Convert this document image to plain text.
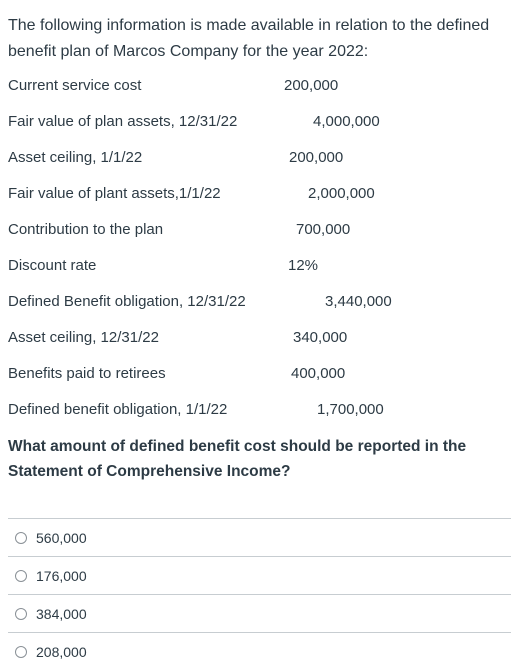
The following information is made available in relation to the defined benefit plan of Marcos Company for the year 2022:
Current service cost	200,000
Fair value of plan assets, 12/31/22	4,000,000
Asset ceiling, 1/1/22	200,000
Fair value of plant assets,1/1/22	2,000,000
Contribution to the plan	700,000
Discount rate	12%
Defined Benefit obligation, 12/31/22	3,440,000
Asset ceiling, 12/31/22	340,000
Benefits paid to retirees	400,000
Defined benefit obligation, 1/1/22	1,700,000
What amount of defined benefit cost should be reported in the Statement of Comprehensive Income?
560,000
176,000
384,000
208,000
